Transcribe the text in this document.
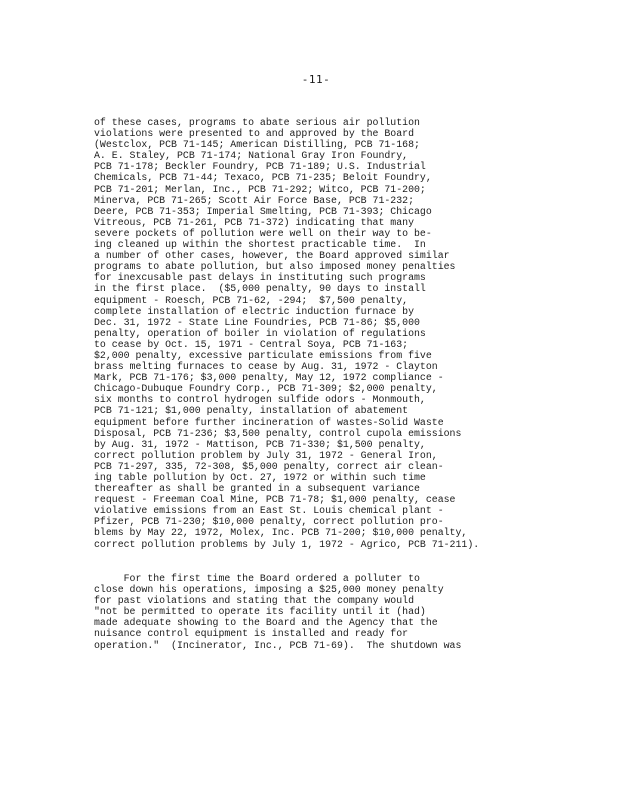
-11-
of these cases, programs to abate serious air pollution
violations were presented to and approved by the Board
(Westclox, PCB 71-145; American Distilling, PCB 71-168;
A. E. Staley, PCB 71-174; National Gray Iron Foundry,
PCB 71-178; Beckler Foundry, PCB 71-189; U.S. Industrial
Chemicals, PCB 71-44; Texaco, PCB 71-235; Beloit Foundry,
PCB 71-201; Merlan, Inc., PCB 71-292; Witco, PCB 71-200;
Minerva, PCB 71-265; Scott Air Force Base, PCB 71-232;
Deere, PCB 71-353; Imperial Smelting, PCB 71-393; Chicago
Vitreous, PCB 71-261, PCB 71-372) indicating that many
severe pockets of pollution were well on their way to be-
ing cleaned up within the shortest practicable time.  In
a number of other cases, however, the Board approved similar
programs to abate pollution, but also imposed money penalties
for inexcusable past delays in instituting such programs
in the first place.  ($5,000 penalty, 90 days to install
equipment - Roesch, PCB 71-62, -294;  $7,500 penalty,
complete installation of electric induction furnace by
Dec. 31, 1972 - State Line Foundries, PCB 71-86; $5,000
penalty, operation of boiler in violation of regulations
to cease by Oct. 15, 1971 - Central Soya, PCB 71-163;
$2,000 penalty, excessive particulate emissions from five
brass melting furnaces to cease by Aug. 31, 1972 - Clayton
Mark, PCB 71-176; $3,000 penalty, May 12, 1972 compliance -
Chicago-Dubuque Foundry Corp., PCB 71-309; $2,000 penalty,
six months to control hydrogen sulfide odors - Monmouth,
PCB 71-121; $1,000 penalty, installation of abatement
equipment before further incineration of wastes-Solid Waste
Disposal, PCB 71-236; $3,500 penalty, control cupola emissions
by Aug. 31, 1972 - Mattison, PCB 71-330; $1,500 penalty,
correct pollution problem by July 31, 1972 - General Iron,
PCB 71-297, 335, 72-308, $5,000 penalty, correct air clean-
ing table pollution by Oct. 27, 1972 or within such time
thereafter as shall be granted in a subsequent variance
request - Freeman Coal Mine, PCB 71-78; $1,000 penalty, cease
violative emissions from an East St. Louis chemical plant -
Pfizer, PCB 71-230; $10,000 penalty, correct pollution pro-
blems by May 22, 1972, Molex, Inc. PCB 71-200; $10,000 penalty,
correct pollution problems by July 1, 1972 - Agrico, PCB 71-211).
For the first time the Board ordered a polluter to
close down his operations, imposing a $25,000 money penalty
for past violations and stating that the company would
"not be permitted to operate its facility until it (had)
made adequate showing to the Board and the Agency that the
nuisance control equipment is installed and ready for
operation."  (Incinerator, Inc., PCB 71-69).  The shutdown was
